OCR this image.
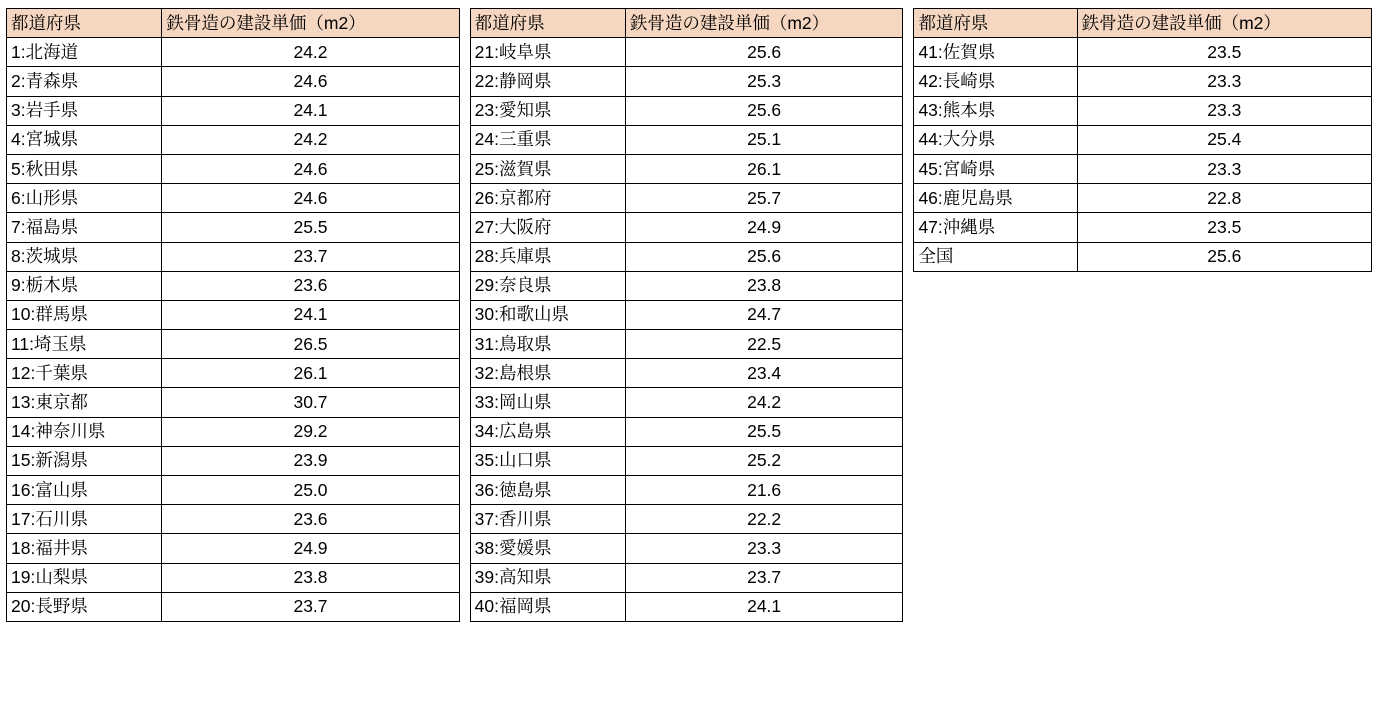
都道府県	鉄骨造の建設単価（m2）
1:北海道	24.2
2:青森県	24.6
3:岩手県	24.1
4:宮城県	24.2
5:秋田県	24.6
6:山形県	24.6
7:福島県	25.5
8:茨城県	23.7
9:栃木県	23.6
10:群馬県	24.1
11:埼玉県	26.5
12:千葉県	26.1
13:東京都	30.7
14:神奈川県	29.2
15:新潟県	23.9
16:富山県	25.0
17:石川県	23.6
18:福井県	24.9
19:山梨県	23.8
20:長野県	23.7
都道府県	鉄骨造の建設単価（m2）
21:岐阜県	25.6
22:静岡県	25.3
23:愛知県	25.6
24:三重県	25.1
25:滋賀県	26.1
26:京都府	25.7
27:大阪府	24.9
28:兵庫県	25.6
29:奈良県	23.8
30:和歌山県	24.7
31:鳥取県	22.5
32:島根県	23.4
33:岡山県	24.2
34:広島県	25.5
35:山口県	25.2
36:徳島県	21.6
37:香川県	22.2
38:愛媛県	23.3
39:高知県	23.7
40:福岡県	24.1
都道府県	鉄骨造の建設単価（m2）
41:佐賀県	23.5
42:長崎県	23.3
43:熊本県	23.3
44:大分県	25.4
45:宮崎県	23.3
46:鹿児島県	22.8
47:沖縄県	23.5
全国	25.6
